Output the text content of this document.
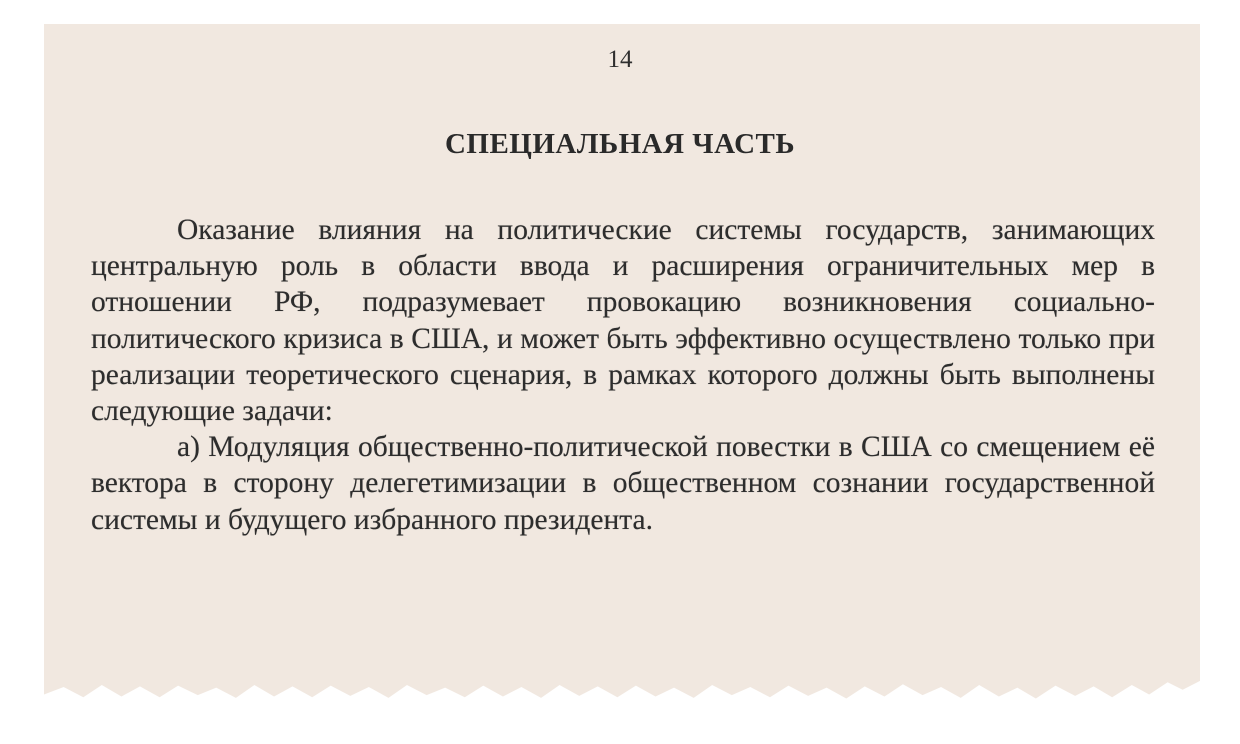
14
СПЕЦИАЛЬНАЯ ЧАСТЬ

Оказание влияния на политические системы государств, занимающих центральную роль в области ввода и расширения ограничительных мер в отношении РФ, подразумевает провокацию возникновения социально-политического кризиса в США, и может быть эффективно осуществлено только при реализации теоретического сценария, в рамках которого должны быть выполнены следующие задачи:

а) Модуляция общественно-политической повестки в США со смещением её вектора в сторону делегетимизации в общественном сознании государственной системы и будущего избранного президента.
